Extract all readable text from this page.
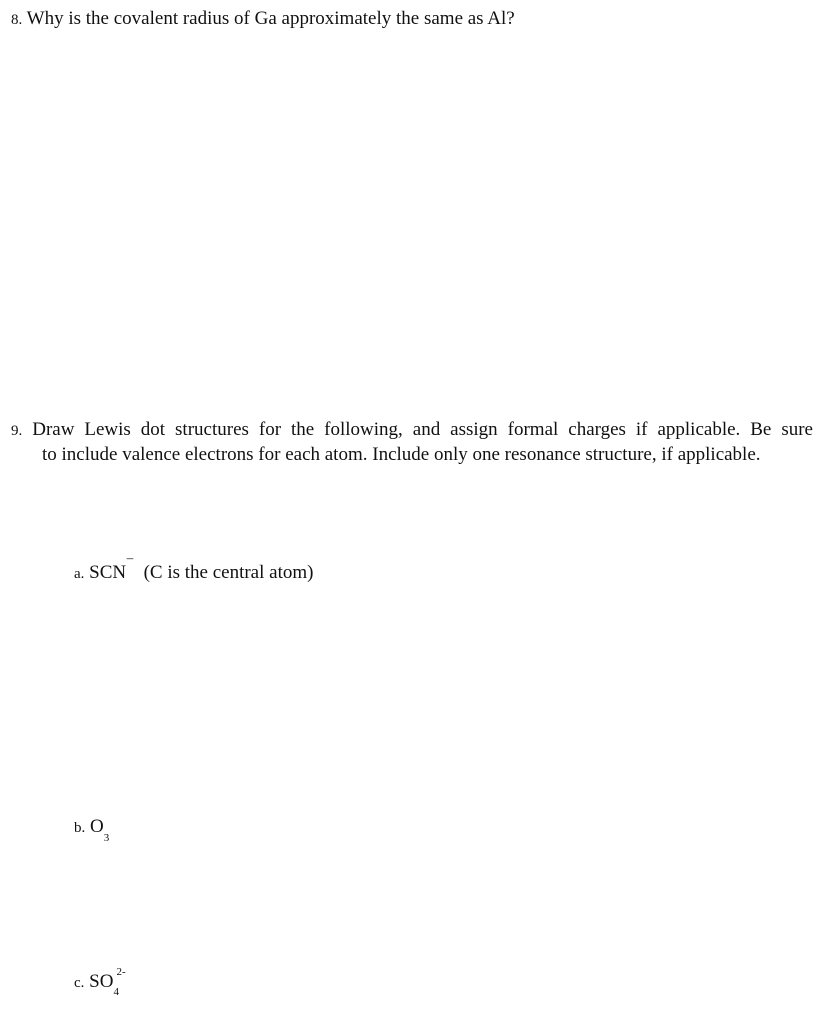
8. Why is the covalent radius of Ga approximately the same as Al?
9. Draw Lewis dot structures for the following, and assign formal charges if applicable. Be sure
to include valence electrons for each atom. Include only one resonance structure, if applicable.
a. SCN‾ (C is the central atom)
b. $O_3$
c. SO 2-
4
